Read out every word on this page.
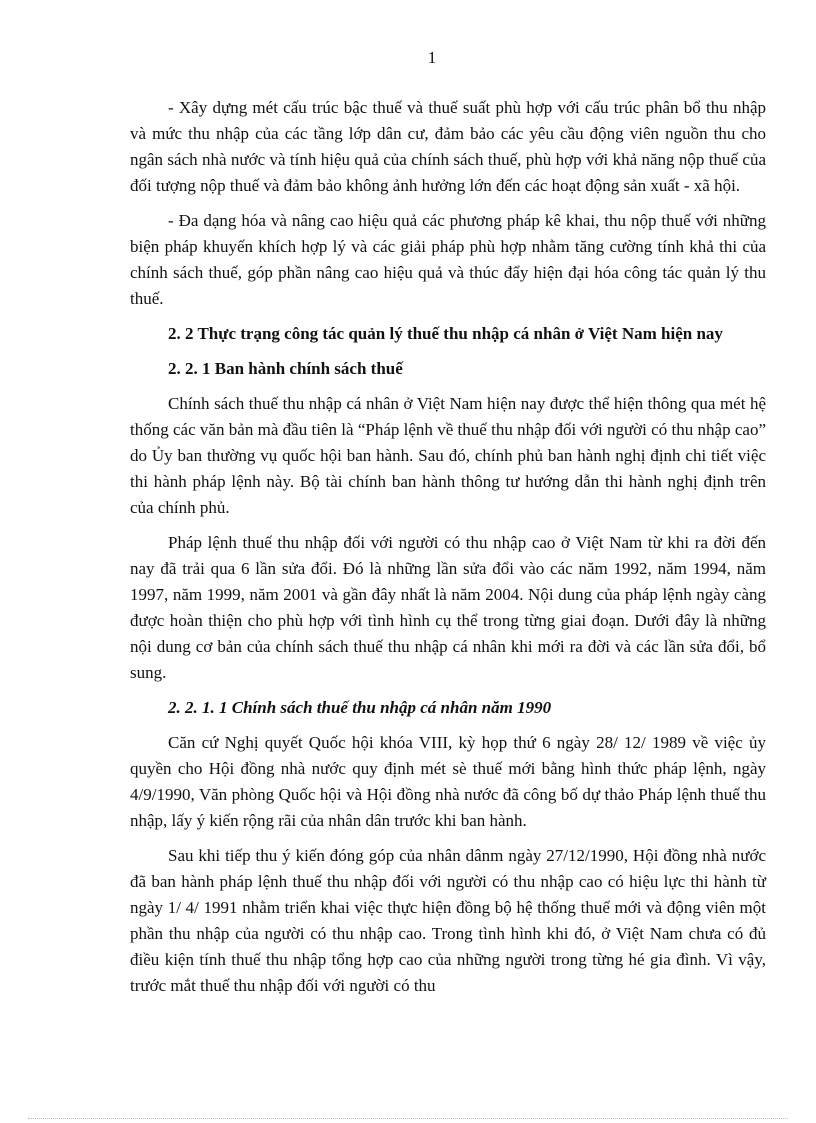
1

- Xây dựng mét cấu trúc bậc thuế và thuế suất phù hợp với cấu trúc phân bổ thu nhập và mức thu nhập của các tầng lớp dân cư, đảm bảo các yêu cầu động viên nguồn thu cho ngân sách nhà nước và tính hiệu quả của chính sách thuế, phù hợp với khả năng nộp thuế của đối tượng nộp thuế và đảm bảo không ảnh hưởng lớn đến các hoạt động sản xuất - xã hội.

- Đa dạng hóa và nâng cao hiệu quả các phương pháp kê khai, thu nộp thuế với những biện pháp khuyến khích hợp lý và các giải pháp phù hợp nhằm tăng cường tính khả thi của chính sách thuế, góp phần nâng cao hiệu quả và thúc đẩy hiện đại hóa công tác quản lý thu thuế.

2. 2 Thực trạng công tác quản lý thuế thu nhập cá nhân ở Việt Nam hiện nay
2. 2. 1 Ban hành chính sách thuế

Chính sách thuế thu nhập cá nhân ở Việt Nam hiện nay được thể hiện thông qua mét hệ thống các văn bản mà đầu tiên là “Pháp lệnh về thuế thu nhập đối với người có thu nhập cao” do Ủy ban thường vụ quốc hội ban hành. Sau đó, chính phủ ban hành nghị định chi tiết việc thi hành pháp lệnh này. Bộ tài chính ban hành thông tư hướng dẫn thi hành nghị định trên của chính phủ.

Pháp lệnh thuế thu nhập đối với người có thu nhập cao ở Việt Nam từ khi ra đời đến nay đã trải qua 6 lần sửa đổi. Đó là những lần sửa đổi vào các năm 1992, năm 1994, năm 1997, năm 1999, năm 2001 và gần đây nhất là năm 2004. Nội dung của pháp lệnh ngày càng được hoàn thiện cho phù hợp với tình hình cụ thể trong từng giai đoạn. Dưới đây là những nội dung cơ bản của chính sách thuế thu nhập cá nhân khi mới ra đời và các lần sửa đổi, bổ sung.

2. 2. 1. 1 Chính sách thuế thu nhập cá nhân năm 1990

Căn cứ Nghị quyết Quốc hội khóa VIII, kỳ họp thứ 6 ngày 28/ 12/ 1989 về việc ủy quyền cho Hội đồng nhà nước quy định mét sè thuế mới bằng hình thức pháp lệnh, ngày 4/9/1990, Văn phòng Quốc hội và Hội đồng nhà nước đã công bố dự thảo Pháp lệnh thuế thu nhập, lấy ý kiến rộng rãi của nhân dân trước khi ban hành.

Sau khi tiếp thu ý kiến đóng góp của nhân dânm ngày 27/12/1990, Hội đồng nhà nước đã ban hành pháp lệnh thuế thu nhập đối với người có thu nhập cao có hiệu lực thi hành từ ngày 1/ 4/ 1991 nhằm triển khai việc thực hiện đồng bộ hệ thống thuế mới và động viên một phần thu nhập của người có thu nhập cao. Trong tình hình khi đó, ở Việt Nam chưa có đủ điều kiện tính thuế thu nhập tổng hợp cao của những người trong từng hé gia đình. Vì vậy, trước mắt thuế thu nhập đối với người có thu
